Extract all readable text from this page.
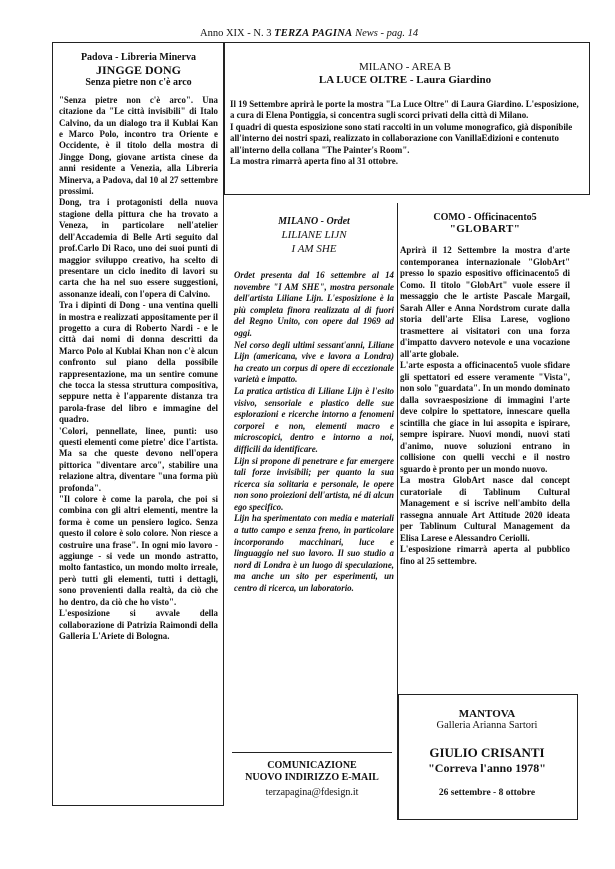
Anno XIX - N. 3 TERZA PAGINA News - pag. 14
Padova - Libreria Minerva
JINGGE DONG
Senza pietre non c'è arco

"Senza pietre non c'è arco". Una citazione da "Le città invisibili" di Italo Calvino, da un dialogo tra il Kublai Kan e Marco Polo, incontro tra Oriente e Occidente, è il titolo della mostra di Jingge Dong, giovane artista cinese da anni residente a Venezia, alla Libreria Minerva, a Padova, dal 10 al 27 settembre prossimi.

Dong, tra i protagonisti della nuova stagione della pittura che ha trovato a Veneza, in particolare nell'atelier dell'Accademia di Belle Arti seguito dal prof.Carlo Di Raco, uno dei suoi punti di maggior sviluppo creativo, ha scelto di presentare un ciclo inedito di lavori su carta che ha nel suo essere suggestioni, assonanze ideali, con l'opera di Calvino.

Tra i dipinti di Dong - una ventina quelli in mostra e realizzati appositamente per il progetto a cura di Roberto Nardi - e le città dai nomi di donna descritti da Marco Polo al Kublai Khan non c'è alcun confronto sul piano della possibile rappresentazione, ma un sentire comune che tocca la stessa struttura compositiva, seppure netta è l'apparente distanza tra parola-frase del libro e immagine del quadro.

'Colori, pennellate, linee, punti: uso questi elementi come pietre' dice l'artista. Ma sa che queste devono nell'opera pittorica "diventare arco", stabilire una relazione altra, diventare "una forma più profonda".

"Il colore è come la parola, che poi si combina con gli altri elementi, mentre la forma è come un pensiero logico. Senza questo il colore è solo colore. Non riesce a costruire una frase". In ogni mio lavoro - aggiunge - si vede un mondo astratto, molto fantastico, un mondo molto irreale, però tutti gli elementi, tutti i dettagli, sono provenienti dalla realtà, da ciò che ho dentro, da ciò che ho visto".

L'esposizione si avvale della collaborazione di Patrizia Raimondi della Galleria L'Ariete di Bologna.

MILANO - AREA B
LA LUCE OLTRE - Laura Giardino

Il 19 Settembre aprirà le porte la mostra "La Luce Oltre" di Laura Giardino. L'esposizione, a cura di Elena Pontiggia, si concentra sugli scorci privati della città di Milano.

I quadri di questa esposizione sono stati raccolti in un volume monografico, già disponibile all'interno dei nostri spazi, realizzato in collaborazione con VanillaEdizioni e contenuto all'interno della collana "The Painter's Room".

La mostra rimarrà aperta fino al 31 ottobre.

MILANO - Ordet
LILIANE LIJN
I AM SHE

Ordet presenta dal 16 settembre al 14 novembre "I AM SHE", mostra personale dell'artista Liliane Lijn. L'esposizione è la più completa finora realizzata al di fuori del Regno Unito, con opere dal 1969 ad oggi.

Nel corso degli ultimi sessant'anni, Liliane Lijn (americana, vive e lavora a Londra) ha creato un corpus di opere di eccezionale varietà e impatto.

La pratica artistica di Liliane Lijn è l'esito visivo, sensoriale e plastico delle sue esplorazioni e ricerche intorno a fenomeni corporei e non, elementi macro e microscopici, dentro e intorno a noi, difficili da identificare.

Lijn si propone di penetrare e far emergere tali forze invisibili; per quanto la sua ricerca sia solitaria e personale, le opere non sono proiezioni dell'artista, né di alcun ego specifico.

Lijn ha sperimentato con media e materiali a tutto campo e senza freno, in particolare incorporando macchinari, luce e linguaggio nel suo lavoro. Il suo studio a nord di Londra è un luogo di speculazione, ma anche un sito per esperimenti, un centro di ricerca, un laboratorio.

COMUNICAZIONE
NUOVO INDIRIZZO E-MAIL
terzapagina@fdesign.it
COMO - Officinacento5
"GLOBART"

Aprirà il 12 Settembre la mostra d'arte contemporanea internazionale "GlobArt" presso lo spazio espositivo officinacento5 di Como. Il titolo "GlobArt" vuole essere il messaggio che le artiste Pascale Margail, Sarah Aller e Anna Nordstrom curate dalla storia dell'arte Elisa Larese, vogliono trasmettere ai visitatori con una forza d'impatto davvero notevole e una vocazione all'arte globale.

L'arte esposta a officinacento5 vuole sfidare gli spettatori ed essere veramente "Vista", non solo "guardata". In un mondo dominato dalla sovraesposizione di immagini l'arte deve colpire lo spettatore, innescare quella scintilla che giace in lui assopita e ispirare, sempre ispirare. Nuovi mondi, nuovi stati d'animo, nuove soluzioni entrano in collisione con quelli vecchi e il nostro sguardo è pronto per un mondo nuovo.

La mostra GlobArt nasce dal concept curatoriale di Tablinum Cultural Management e si iscrive nell'ambito della rassegna annuale Art Attitude 2020 ideata per Tablinum Cultural Management da Elisa Larese e Alessandro Ceriolli.

L'esposizione rimarrà aperta al pubblico fino al 25 settembre.

MANTOVA
Galleria Arianna Sartori
GIULIO CRISANTI
"Correva l'anno 1978"
26 settembre - 8 ottobre
